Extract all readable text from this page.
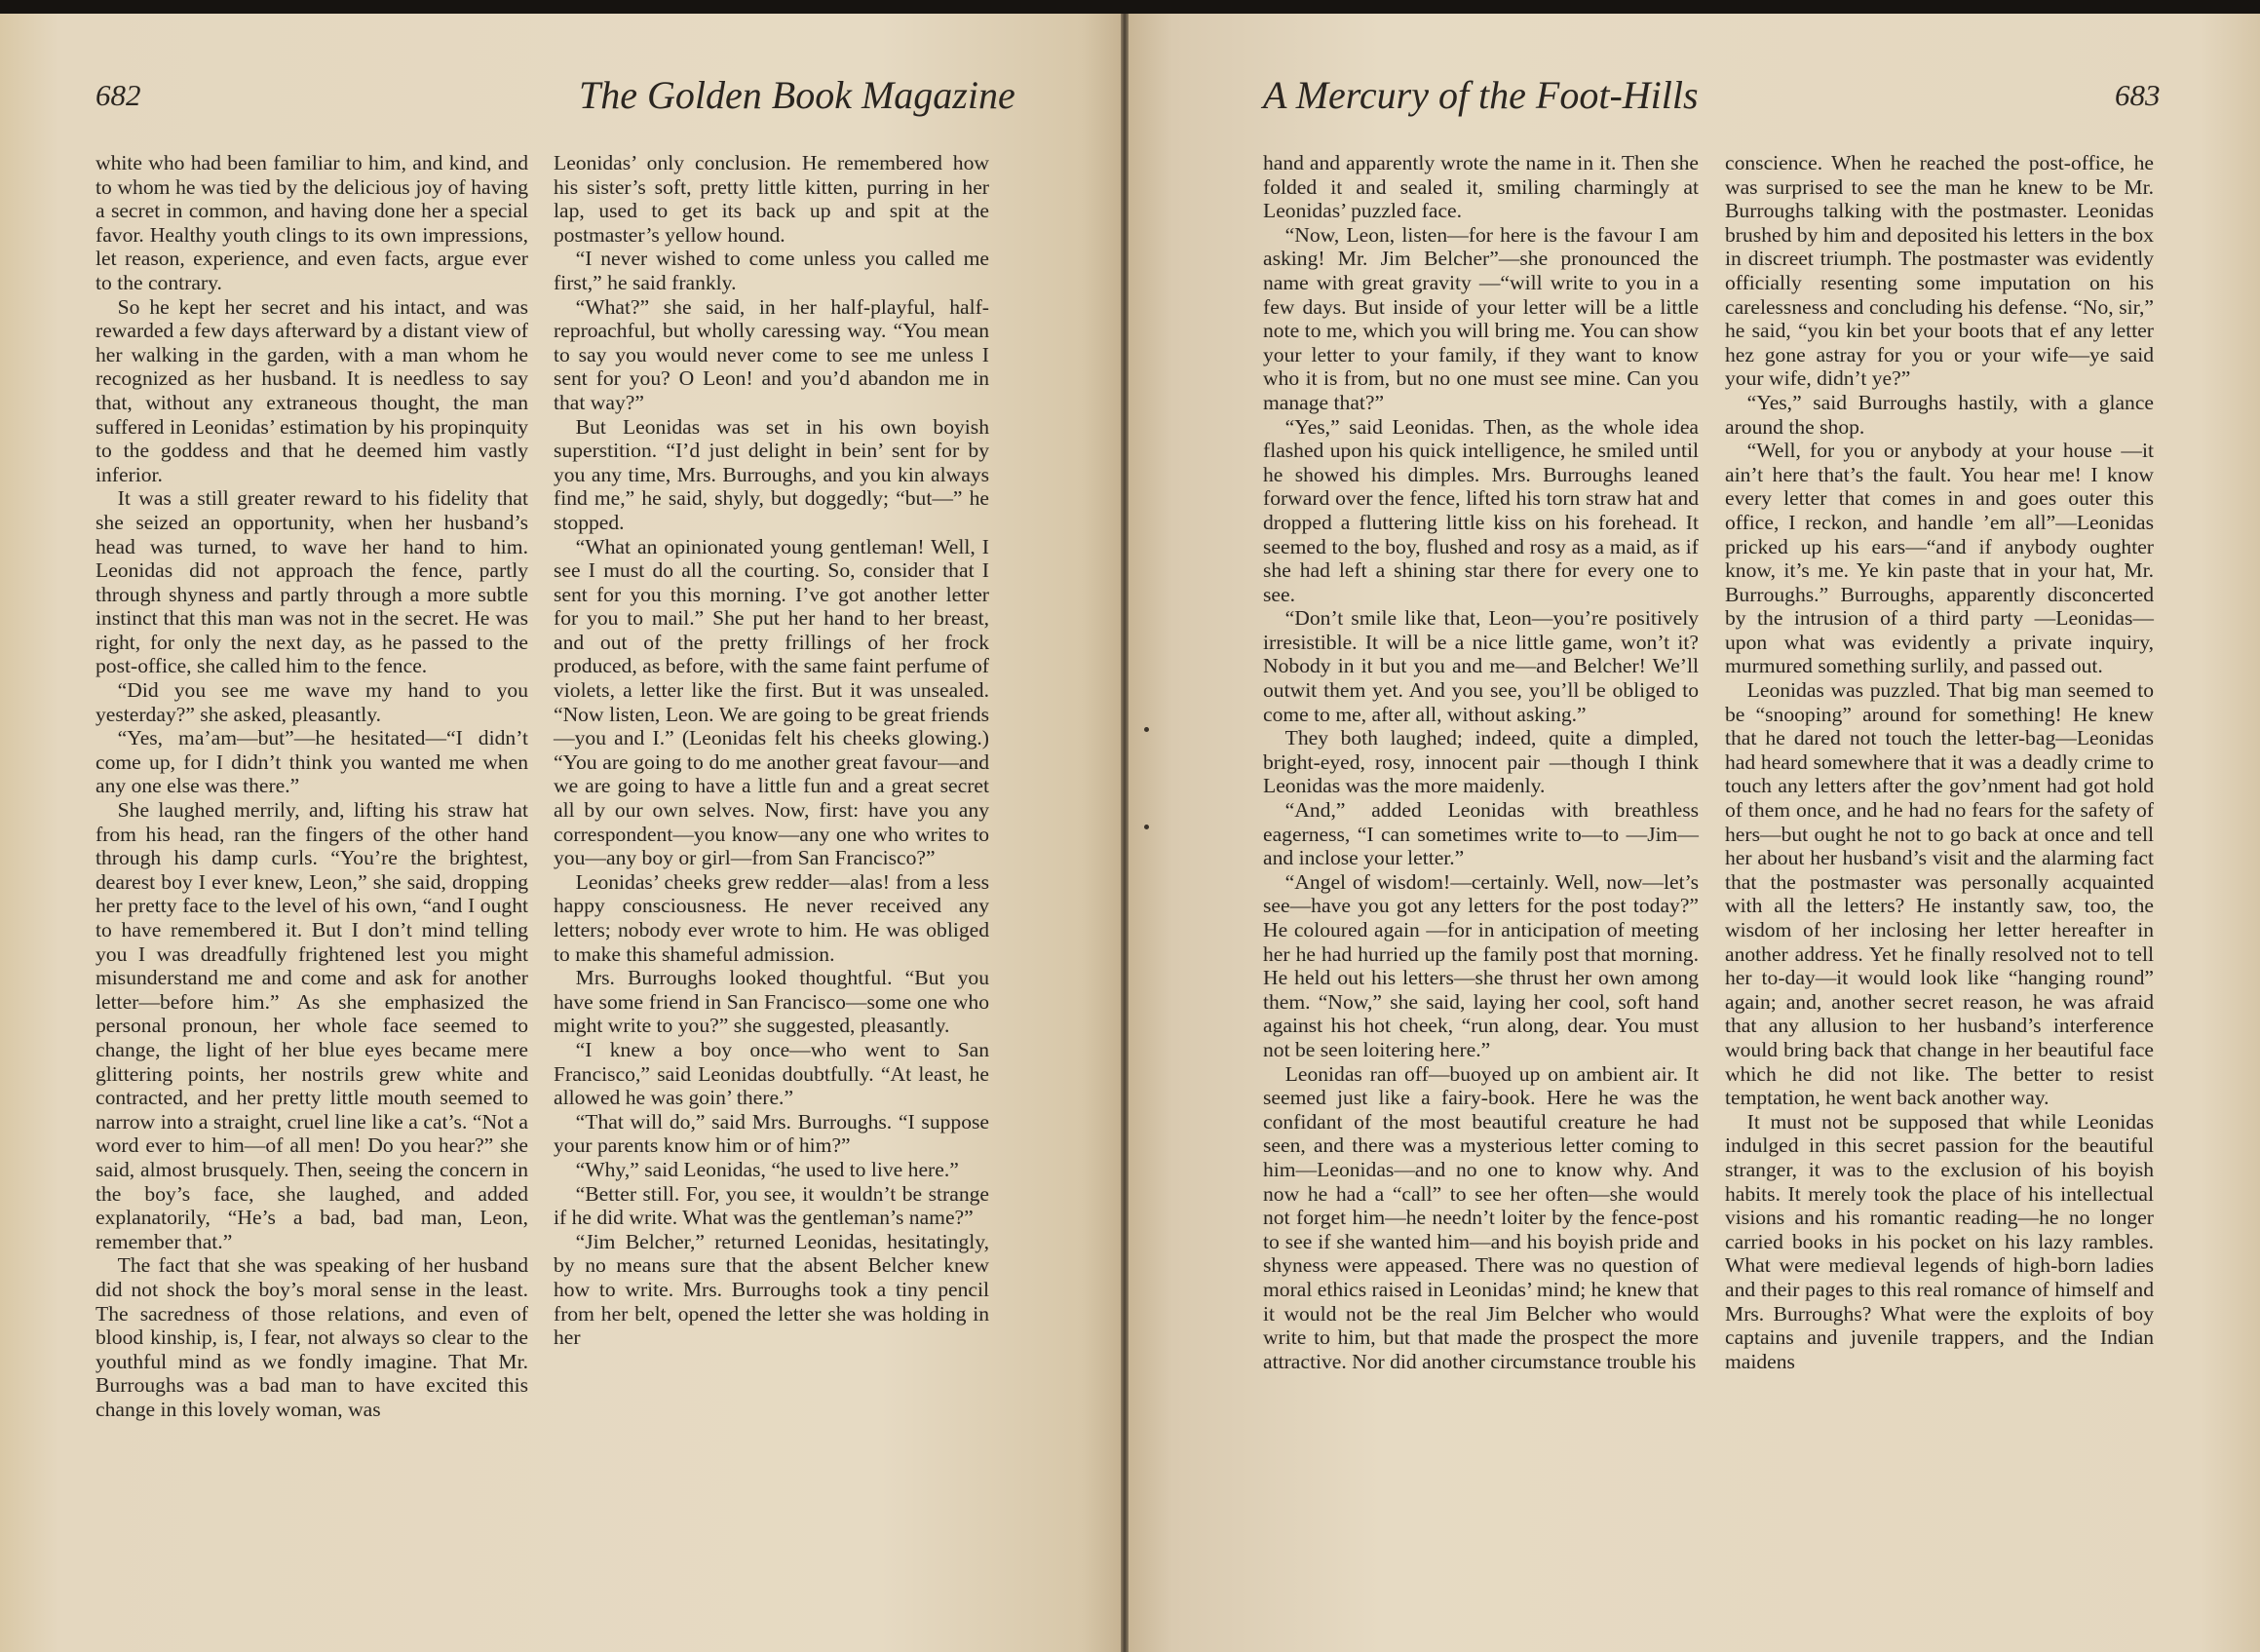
682	The Golden Book Magazine

white who had been familiar to him, and kind, and to whom he was tied by the delicious joy of having a secret in common, and having done her a special favor. Healthy youth clings to its own impressions, let reason, experience, and even facts, argue ever to the contrary.

So he kept her secret and his intact, and was rewarded a few days afterward by a distant view of her walking in the garden, with a man whom he recognized as her husband. It is needless to say that, without any extraneous thought, the man suffered in Leonidas’ estimation by his propinquity to the goddess and that he deemed him vastly inferior.

It was a still greater reward to his fidelity that she seized an opportunity, when her husband’s head was turned, to wave her hand to him. Leonidas did not approach the fence, partly through shyness and partly through a more subtle instinct that this man was not in the secret. He was right, for only the next day, as he passed to the post-office, she called him to the fence.

“Did you see me wave my hand to you yesterday?” she asked, pleasantly.

“Yes, ma’am—but”—he hesitated—“I didn’t come up, for I didn’t think you wanted me when any one else was there.”

She laughed merrily, and, lifting his straw hat from his head, ran the fingers of the other hand through his damp curls. “You’re the brightest, dearest boy I ever knew, Leon,” she said, dropping her pretty face to the level of his own, “and I ought to have remembered it. But I don’t mind telling you I was dreadfully frightened lest you might misunderstand me and come and ask for another letter—before him.” As she emphasized the personal pronoun, her whole face seemed to change, the light of her blue eyes became mere glittering points, her nostrils grew white and contracted, and her pretty little mouth seemed to narrow into a straight, cruel line like a cat’s. “Not a word ever to him—of all men! Do you hear?” she said, almost brusquely. Then, seeing the concern in the boy’s face, she laughed, and added explanatorily, “He’s a bad, bad man, Leon, remember that.”

The fact that she was speaking of her husband did not shock the boy’s moral sense in the least. The sacredness of those relations, and even of blood kinship, is, I fear, not always so clear to the youthful mind as we fondly imagine. That Mr. Burroughs was a bad man to have excited this change in this lovely woman, was

Leonidas’ only conclusion. He remembered how his sister’s soft, pretty little kitten, purring in her lap, used to get its back up and spit at the postmaster’s yellow hound.

“I never wished to come unless you called me first,” he said frankly.

“What?” she said, in her half-playful, half-reproachful, but wholly caressing way. “You mean to say you would never come to see me unless I sent for you? O Leon! and you’d abandon me in that way?”

But Leonidas was set in his own boyish superstition. “I’d just delight in bein’ sent for by you any time, Mrs. Burroughs, and you kin always find me,” he said, shyly, but doggedly; “but—” he stopped.

“What an opinionated young gentleman! Well, I see I must do all the courting. So, consider that I sent for you this morning. I’ve got another letter for you to mail.” She put her hand to her breast, and out of the pretty frillings of her frock produced, as before, with the same faint perfume of violets, a letter like the first. But it was unsealed. “Now listen, Leon. We are going to be great friends—you and I.” (Leonidas felt his cheeks glowing.) “You are going to do me another great favour—and we are going to have a little fun and a great secret all by our own selves. Now, first: have you any correspondent—you know—any one who writes to you—any boy or girl—from San Francisco?”

Leonidas’ cheeks grew redder—alas! from a less happy consciousness. He never received any letters; nobody ever wrote to him. He was obliged to make this shameful admission.

Mrs. Burroughs looked thoughtful. “But you have some friend in San Francisco—some one who might write to you?” she suggested, pleasantly.

“I knew a boy once—who went to San Francisco,” said Leonidas doubtfully. “At least, he allowed he was goin’ there.”

“That will do,” said Mrs. Burroughs. “I suppose your parents know him or of him?”

“Why,” said Leonidas, “he used to live here.”

“Better still. For, you see, it wouldn’t be strange if he did write. What was the gentleman’s name?”

“Jim Belcher,” returned Leonidas, hesitatingly, by no means sure that the absent Belcher knew how to write. Mrs. Burroughs took a tiny pencil from her belt, opened the letter she was holding in her

A Mercury of the Foot-Hills	683

hand and apparently wrote the name in it. Then she folded it and sealed it, smiling charmingly at Leonidas’ puzzled face.

“Now, Leon, listen—for here is the favour I am asking! Mr. Jim Belcher”—she pronounced the name with great gravity —“will write to you in a few days. But inside of your letter will be a little note to me, which you will bring me. You can show your letter to your family, if they want to know who it is from, but no one must see mine. Can you manage that?”

“Yes,” said Leonidas. Then, as the whole idea flashed upon his quick intelligence, he smiled until he showed his dimples. Mrs. Burroughs leaned forward over the fence, lifted his torn straw hat and dropped a fluttering little kiss on his forehead. It seemed to the boy, flushed and rosy as a maid, as if she had left a shining star there for every one to see.

“Don’t smile like that, Leon—you’re positively irresistible. It will be a nice little game, won’t it? Nobody in it but you and me—and Belcher! We’ll outwit them yet. And you see, you’ll be obliged to come to me, after all, without asking.”

They both laughed; indeed, quite a dimpled, bright-eyed, rosy, innocent pair —though I think Leonidas was the more maidenly.

“And,” added Leonidas with breathless eagerness, “I can sometimes write to—to —Jim—and inclose your letter.”

“Angel of wisdom!—certainly. Well, now—let’s see—have you got any letters for the post today?” He coloured again —for in anticipation of meeting her he had hurried up the family post that morning. He held out his letters—she thrust her own among them. “Now,” she said, laying her cool, soft hand against his hot cheek, “run along, dear. You must not be seen loitering here.”

Leonidas ran off—buoyed up on ambient air. It seemed just like a fairy-book. Here he was the confidant of the most beautiful creature he had seen, and there was a mysterious letter coming to him—Leonidas—and no one to know why. And now he had a “call” to see her often—she would not forget him—he needn’t loiter by the fence-post to see if she wanted him—and his boyish pride and shyness were appeased. There was no question of moral ethics raised in Leonidas’ mind; he knew that it would not be the real Jim Belcher who would write to him, but that made the prospect the more attractive. Nor did another circumstance trouble his

conscience. When he reached the post-office, he was surprised to see the man he knew to be Mr. Burroughs talking with the postmaster. Leonidas brushed by him and deposited his letters in the box in discreet triumph. The postmaster was evidently officially resenting some imputation on his carelessness and concluding his defense. “No, sir,” he said, “you kin bet your boots that ef any letter hez gone astray for you or your wife—ye said your wife, didn’t ye?”

“Yes,” said Burroughs hastily, with a glance around the shop.

“Well, for you or anybody at your house —it ain’t here that’s the fault. You hear me! I know every letter that comes in and goes outer this office, I reckon, and handle ’em all”—Leonidas pricked up his ears—“and if anybody oughter know, it’s me. Ye kin paste that in your hat, Mr. Burroughs.” Burroughs, apparently disconcerted by the intrusion of a third party —Leonidas—upon what was evidently a private inquiry, murmured something surlily, and passed out.

Leonidas was puzzled. That big man seemed to be “snooping” around for something! He knew that he dared not touch the letter-bag—Leonidas had heard somewhere that it was a deadly crime to touch any letters after the gov’nment had got hold of them once, and he had no fears for the safety of hers—but ought he not to go back at once and tell her about her husband’s visit and the alarming fact that the postmaster was personally acquainted with all the letters? He instantly saw, too, the wisdom of her inclosing her letter hereafter in another address. Yet he finally resolved not to tell her to-day—it would look like “hanging round” again; and, another secret reason, he was afraid that any allusion to her husband’s interference would bring back that change in her beautiful face which he did not like. The better to resist temptation, he went back another way.

It must not be supposed that while Leonidas indulged in this secret passion for the beautiful stranger, it was to the exclusion of his boyish habits. It merely took the place of his intellectual visions and his romantic reading—he no longer carried books in his pocket on his lazy rambles. What were medieval legends of high-born ladies and their pages to this real romance of himself and Mrs. Burroughs? What were the exploits of boy captains and juvenile trappers, and the Indian maidens
